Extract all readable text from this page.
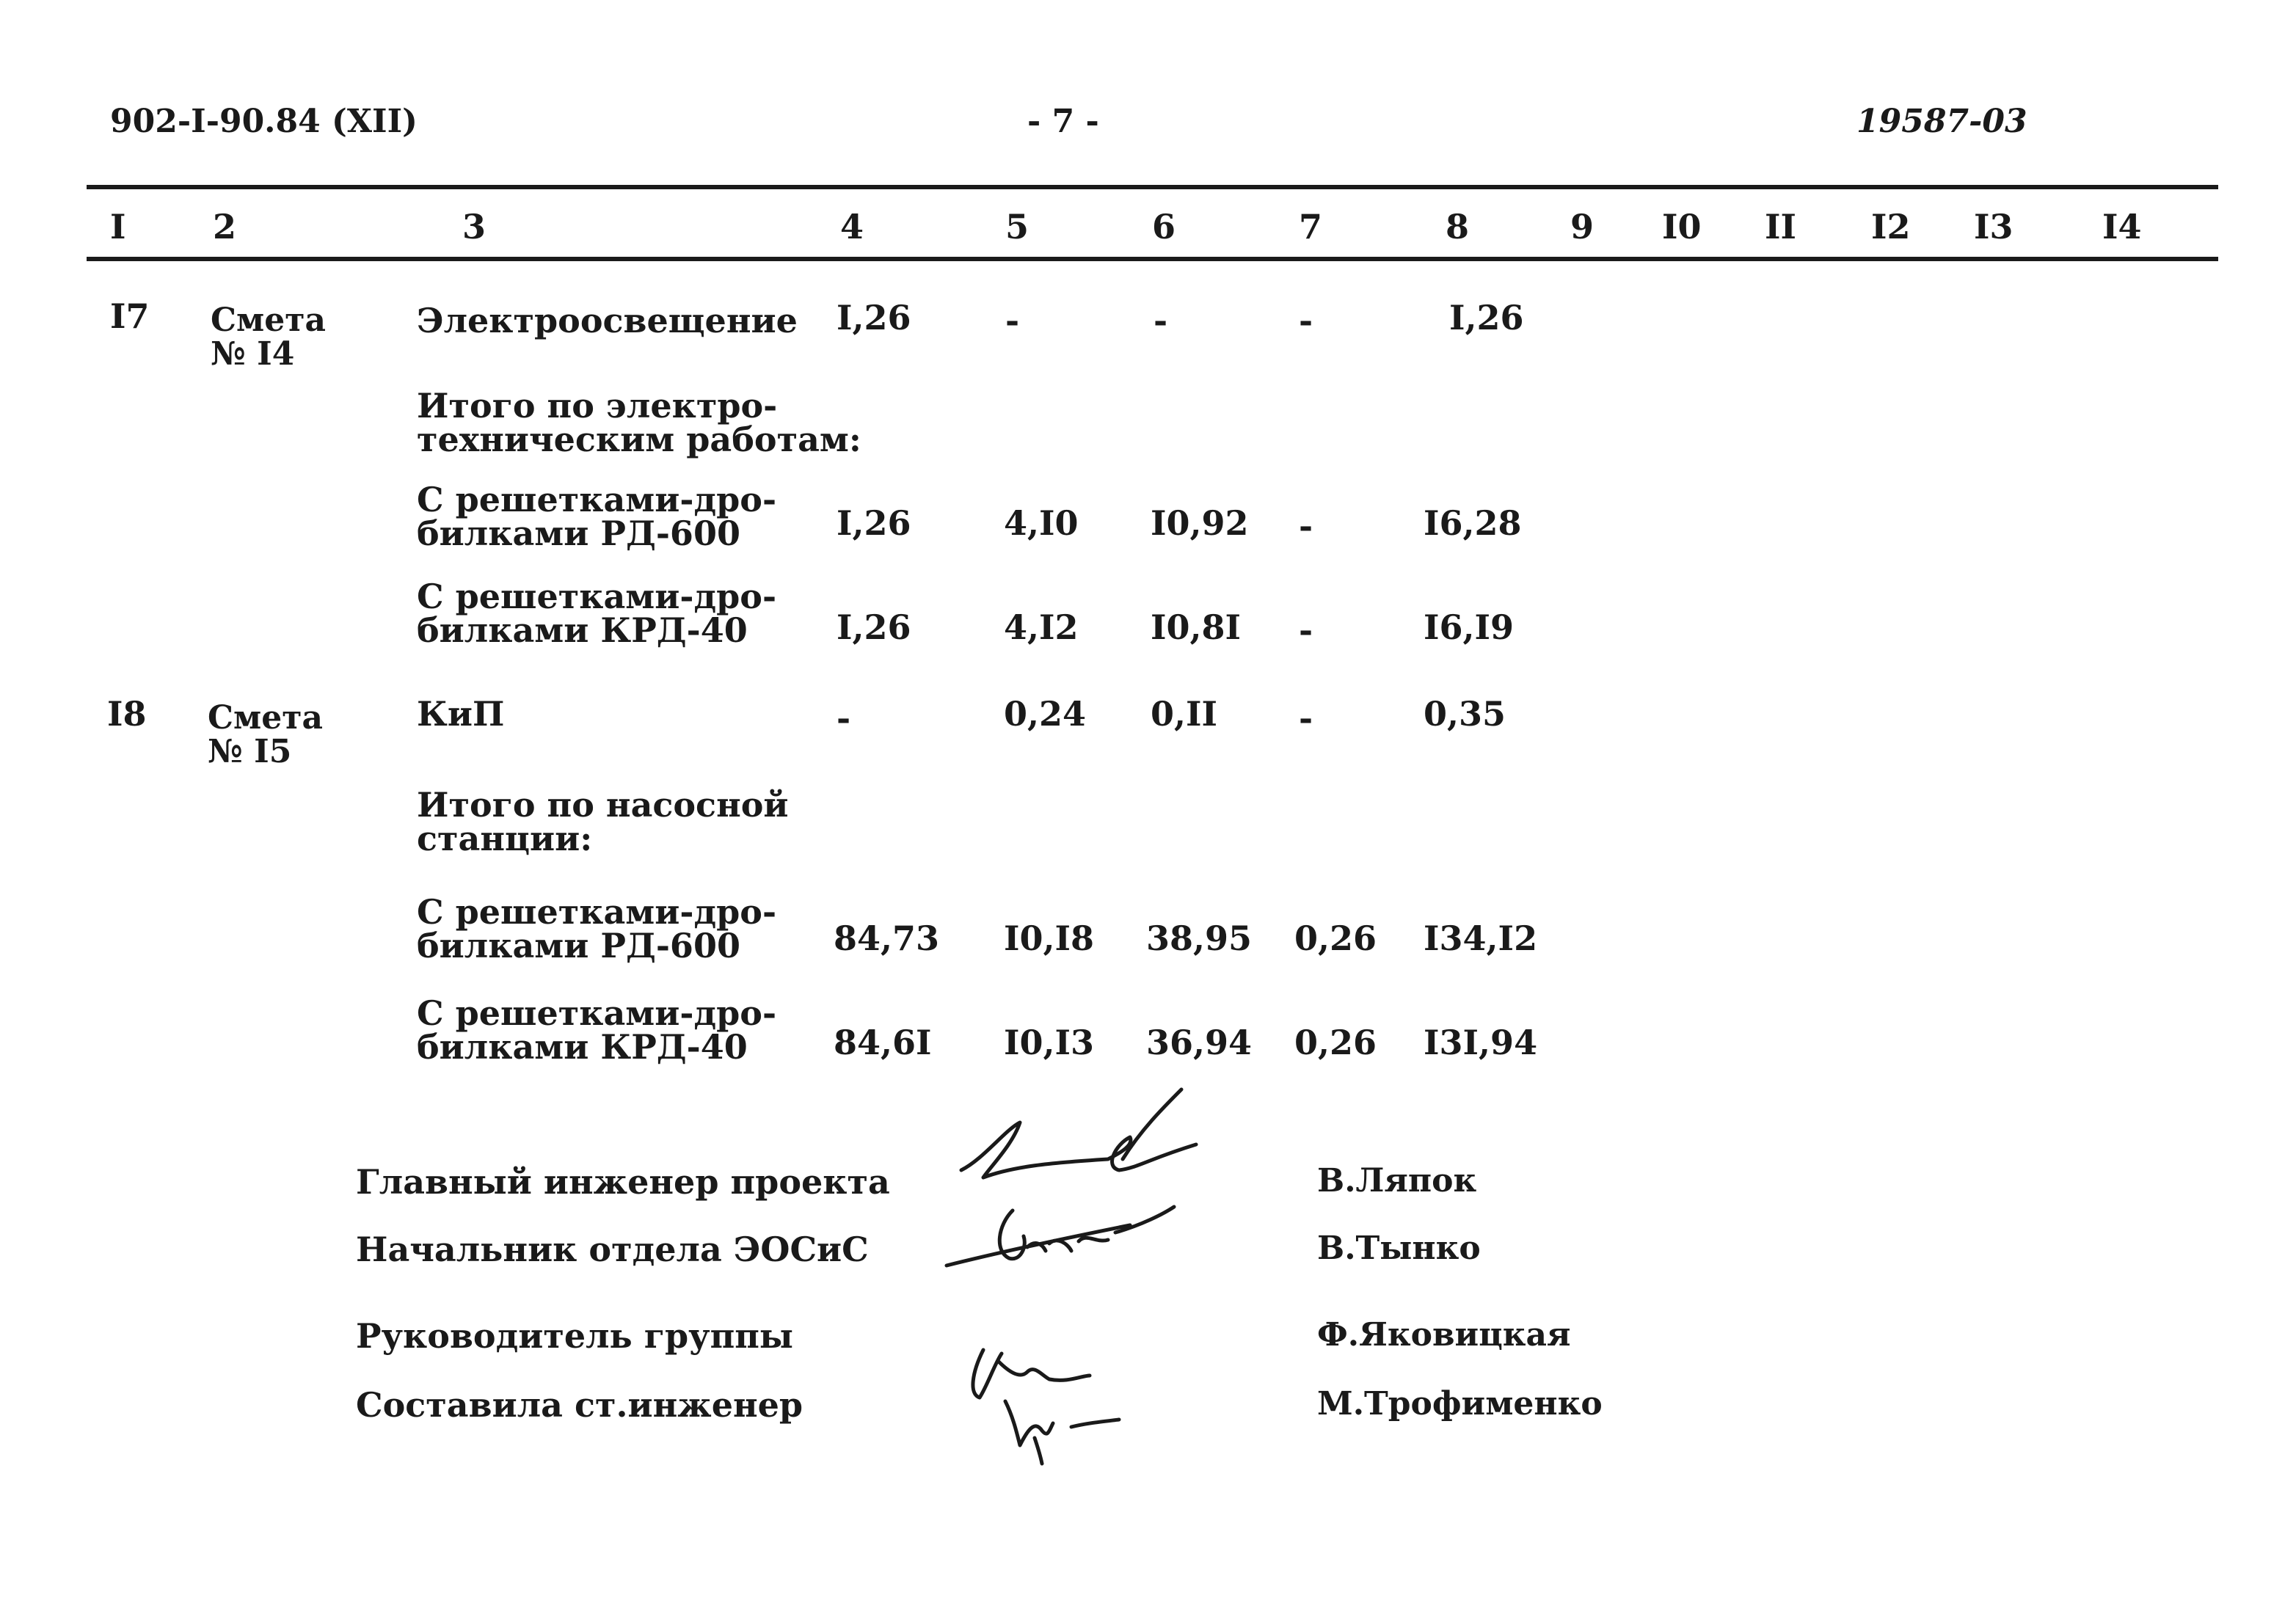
902-I-90.84 (XII)	- 7 -	19587-03
I	2	3	4	5	6	7	8	9 I0 II I2 I3	I4
I7 Смета
№ I4
Электроосвещение I,26	-	-	-	I,26
Итого по электро-
техническим работам:
С решетками-дро-
билками РД-600	I,26	4,I0 I0,92 -	I6,28
С решетками-дро-
билками КРД-40	I,26	4,I2 I0,8I -	I6,I9
I8 Смета
№ I5
КиП	-	0,24 0,II -	0,35
Итого по насосной
станции:
С решетками-дро-
билками РД-600	84,73 I0,I8 38,95 0,26 I34,I2
С решетками-дро-
билками КРД-40	84,6I I0,I3 36,94 0,26 I3I,94
Главный инженер проекта
Начальник отдела ЭОСиС
Руководитель группы
Составила ст.инженер
В.Ляпок
В.Тынко
Ф.Яковицкая
М.Трофименко
